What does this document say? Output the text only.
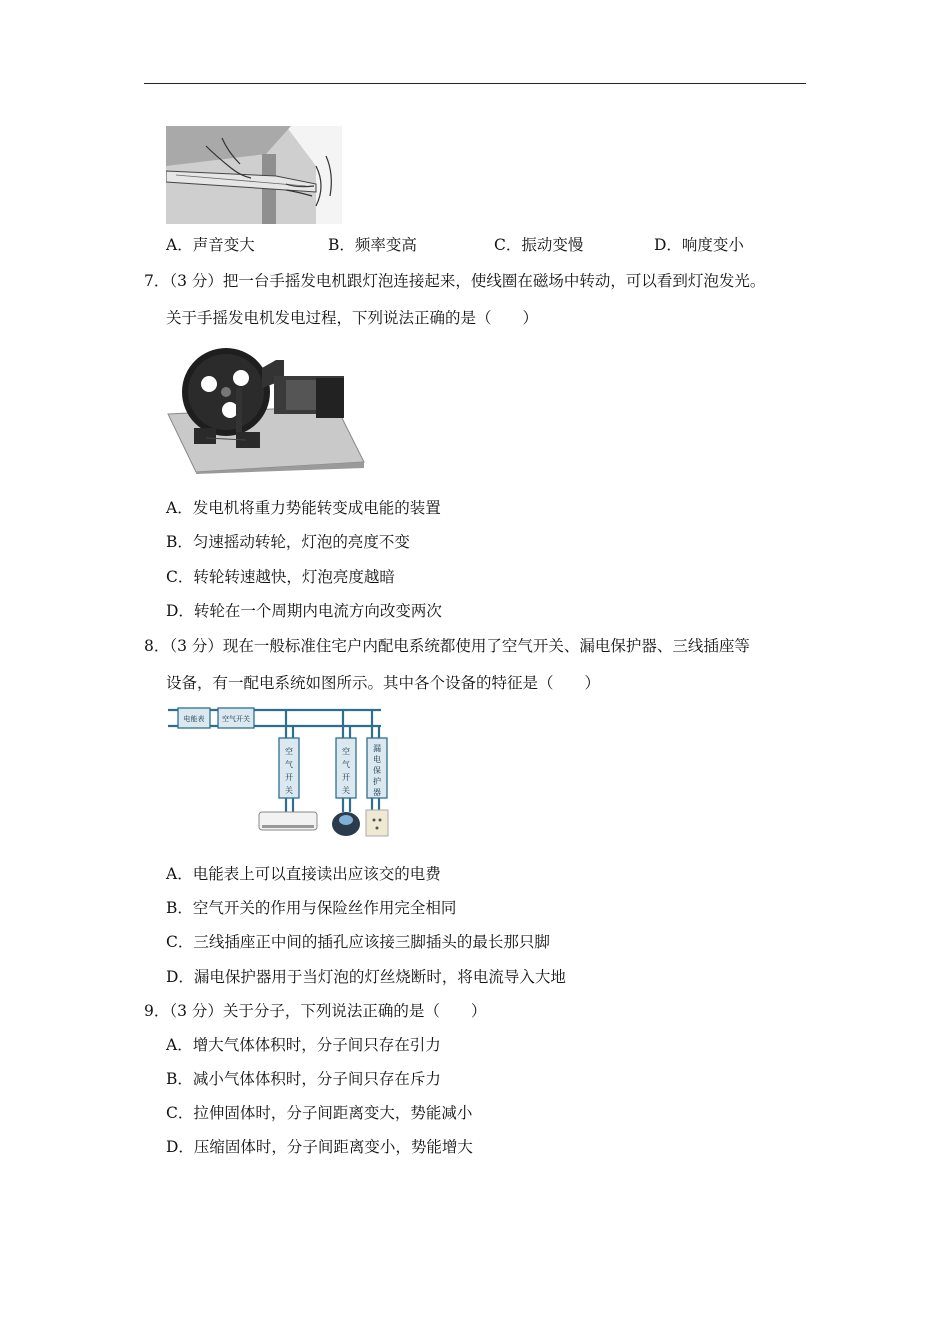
A．声音变大	B．频率变高	C．振动变慢	D．响度变小
7．（3 分）把一台手摇发电机跟灯泡连接起来，使线圈在磁场中转动，可以看到灯泡发光。
关于手摇发电机发电过程，下列说法正确的是（　　）
A．发电机将重力势能转变成电能的装置
B．匀速摇动转轮，灯泡的亮度不变
C．转轮转速越快，灯泡亮度越暗
D．转轮在一个周期内电流方向改变两次
8．（3 分）现在一般标准住宅户内配电系统都使用了空气开关、漏电保护器、三线插座等
设备，有一配电系统如图所示。其中各个设备的特征是（　　）
电能表	空气开关
空
气
开
关
空
气
开
关
漏
电
保
护
器
A．电能表上可以直接读出应该交的电费
B．空气开关的作用与保险丝作用完全相同
C．三线插座正中间的插孔应该接三脚插头的最长那只脚
D．漏电保护器用于当灯泡的灯丝烧断时，将电流导入大地
9．（3 分）关于分子，下列说法正确的是（　　）
A．增大气体体积时，分子间只存在引力
B．减小气体体积时，分子间只存在斥力
C．拉伸固体时，分子间距离变大，势能减小
D．压缩固体时，分子间距离变小，势能增大
